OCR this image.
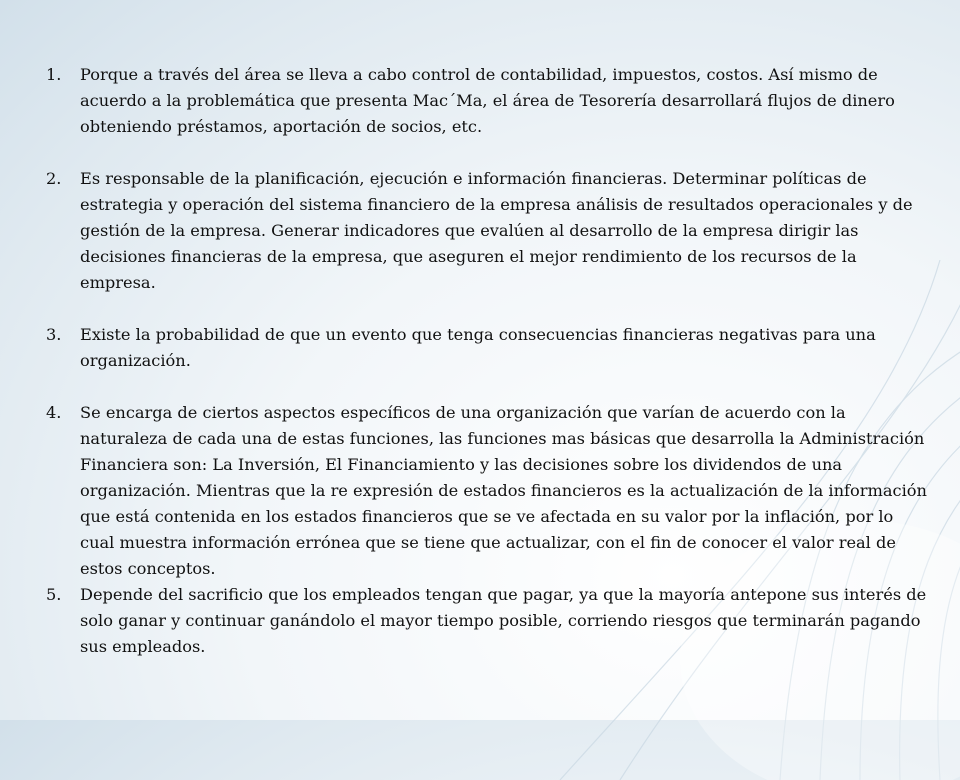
1. Porque a través del área se lleva a cabo control de contabilidad, impuestos, costos. Así mismo de acuerdo a la problemática que presenta Mac´Ma, el área de Tesorería desarrollará flujos de dinero obteniendo préstamos, aportación de socios, etc.
2. Es responsable de la planificación, ejecución e información financieras. Determinar políticas de estrategia y operación del sistema financiero de la empresa análisis de resultados operacionales y de gestión de la empresa. Generar indicadores que evalúen al desarrollo de la empresa dirigir las decisiones financieras de la empresa, que aseguren el mejor rendimiento de los recursos de la empresa.
3. Existe la probabilidad de que un evento que tenga consecuencias financieras negativas para una organización.
4. Se encarga de ciertos aspectos específicos de una organización que varían de acuerdo con la naturaleza de cada una de estas funciones, las funciones mas básicas que desarrolla la Administración Financiera son: La Inversión, El Financiamiento y las decisiones sobre los dividendos de una organización. Mientras que la re expresión de estados financieros es la actualización de la información que está contenida en los estados financieros que se ve afectada en su valor por la inflación, por lo cual muestra información errónea que se tiene que actualizar, con el fin de conocer el valor real de estos conceptos.
5. Depende del sacrificio que los empleados tengan que pagar, ya que la mayoría antepone sus interés de solo ganar y continuar ganándolo el mayor tiempo posible, corriendo riesgos que terminarán pagando sus empleados.
